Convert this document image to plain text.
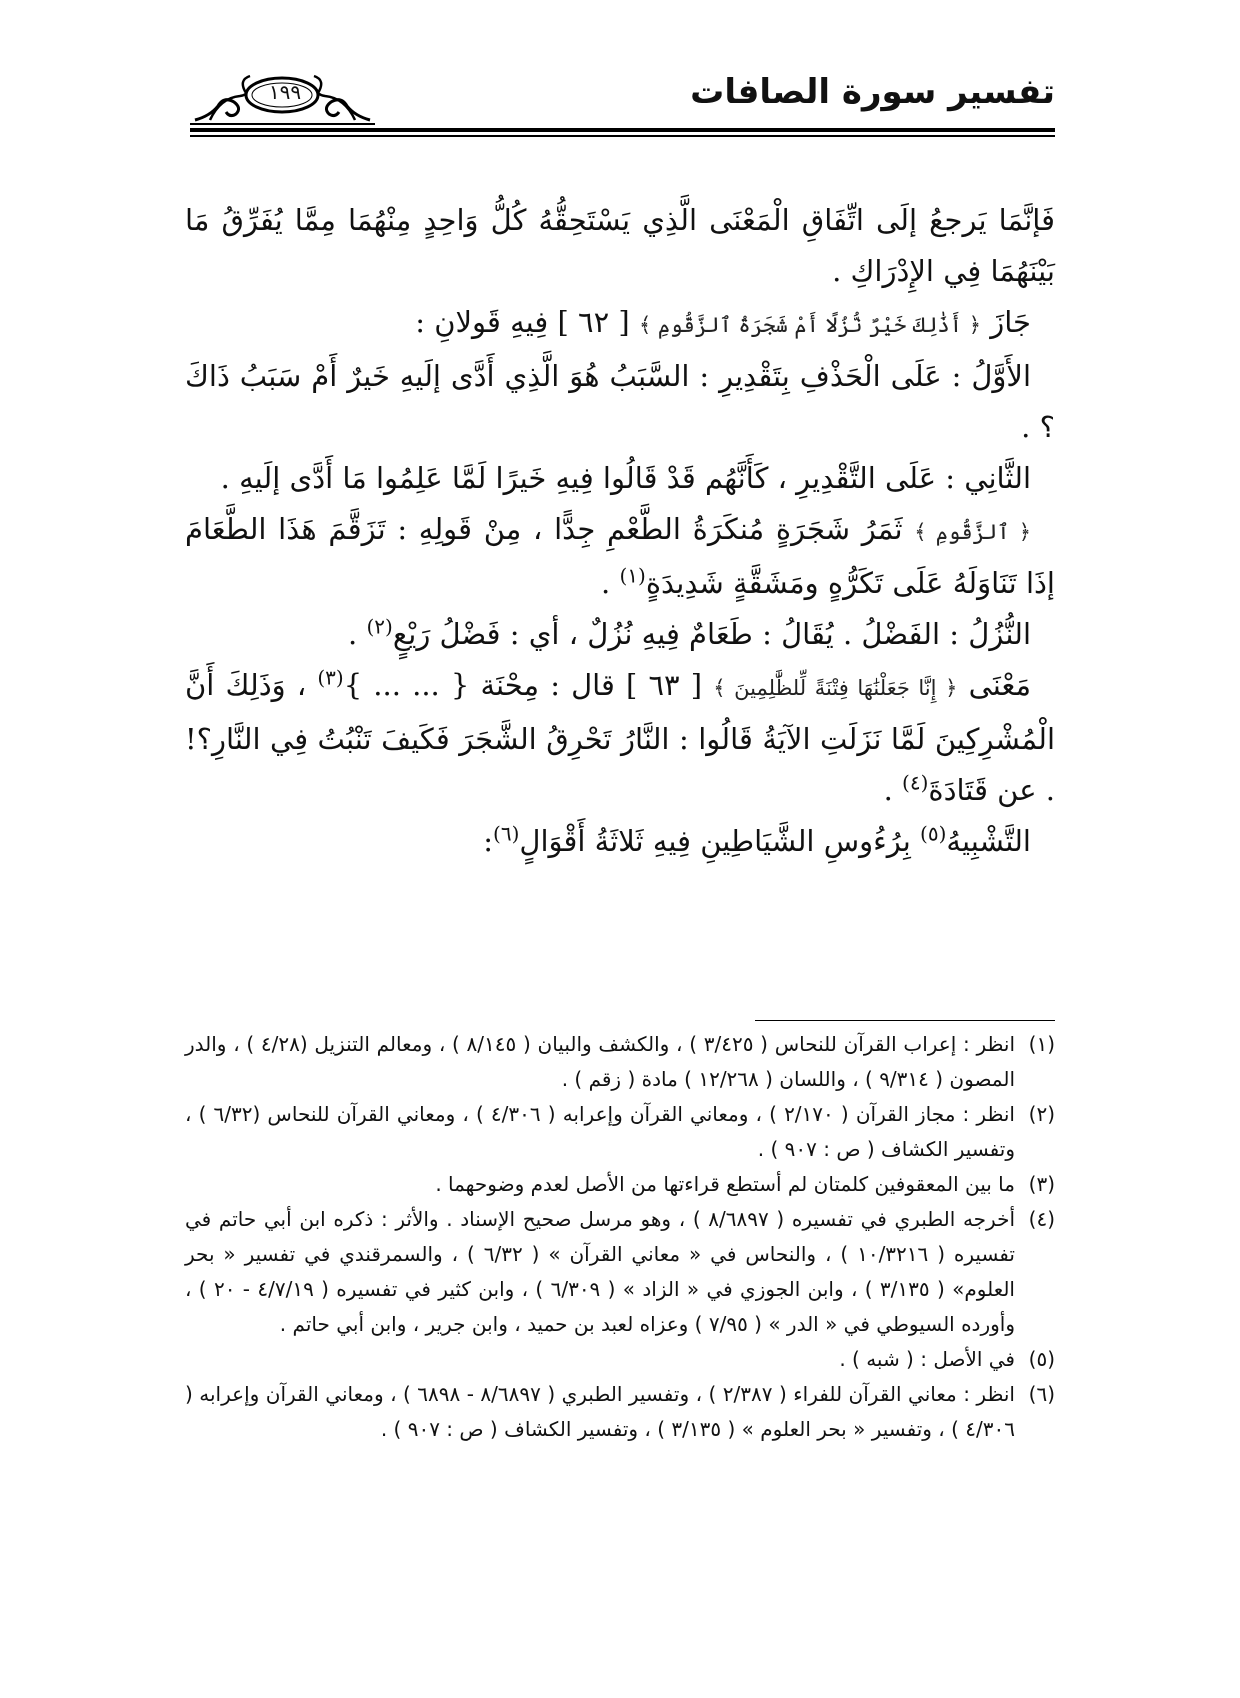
تفسير سورة الصافات
١٩٩

فَإنَّمَا يَرجعُ إلَى اتِّفَاقِ الْمَعْنَى الَّذِي يَسْتَحِقُّهُ كُلُّ وَاحِدٍ مِنْهُمَا مِمَّا يُفَرِّقُ مَا بَيْنَهُمَا فِي الإِدْرَاكِ .

جَازَ ﴿ أَذَٰلِكَ خَيْرٌ نُّزُلًا أَمْ شَجَرَةُ ٱلزَّقُّومِ ﴾ [ ٦٢ ] فِيهِ قَولانِ :

الأَوَّلُ : عَلَى الْحَذْفِ بِتَقْدِيرِ : السَّبَبُ هُوَ الَّذِي أَدَّى إلَيهِ خَيرٌ أَمْ سَبَبُ ذَاكَ ؟ .

الثَّانِي : عَلَى التَّقْدِيرِ ، كَأَنَّهُم قَدْ قَالُوا فِيهِ خَيرًا لَمَّا عَلِمُوا مَا أَدَّى إلَيهِ .

﴿ ٱلزَّقُّومِ ﴾ ثَمَرُ شَجَرَةٍ مُنكَرَةُ الطَّعْمِ جِدًّا ، مِنْ قَولِهِ : تَزَقَّمَ هَذَا الطَّعَامَ إذَا تَنَاوَلَهُ عَلَى تَكَرُّهٍ ومَشَقَّةٍ شَدِيدَةٍ$^{(١)}$ .

النُّزُلُ : الفَضْلُ . يُقَالُ : طَعَامٌ فِيهِ نُزُلٌ ، أي : فَضْلُ رَيْعٍ$^{(٢)}$ .

مَعْنَى ﴿ إِنَّا جَعَلْنَٰهَا فِتْنَةً لِّلظَّٰلِمِينَ ﴾ [ ٦٣ ] قال : مِحْنَة { ... ... }$^{(٣)}$ ، وَذَلِكَ أَنَّ الْمُشْرِكِينَ لَمَّا نَزَلَتِ الآيَةُ قَالُوا : النَّارُ تَحْرِقُ الشَّجَرَ فَكَيفَ تَنْبُتُ فِي النَّارِ؟! . عن قَتَادَةَ$^{(٤)}$ .

التَّشْبِيهُ$^{(٥)}$ بِرُءُوسِ الشَّيَاطِينِ فِيهِ ثَلاثَةُ أَقْوَالٍ$^{(٦)}$:

(١)
انظر : إعراب القرآن للنحاس ( ٣/٤٢٥ ) ، والكشف والبيان ( ٨/١٤٥ ) ، ومعالم التنزيل (٤/٢٨ ) ، والدر المصون ( ٩/٣١٤ ) ، واللسان ( ١٢/٢٦٨ ) مادة ( زقم ) .
(٢)
انظر : مجاز القرآن ( ٢/١٧٠ ) ، ومعاني القرآن وإعرابه ( ٤/٣٠٦ ) ، ومعاني القرآن للنحاس (٦/٣٢ ) ، وتفسير الكشاف ( ص : ٩٠٧ ) .
(٣)
ما بين المعقوفين كلمتان لم أستطع قراءتها من الأصل لعدم وضوحهما .
(٤)
أخرجه الطبري في تفسيره ( ٨/٦٨٩٧ ) ، وهو مرسل صحيح الإسناد . والأثر : ذكره ابن أبي حاتم في تفسيره ( ١٠/٣٢١٦ ) ، والنحاس في « معاني القرآن » ( ٦/٣٢ ) ، والسمرقندي في تفسير « بحر العلوم» ( ٣/١٣٥ ) ، وابن الجوزي في « الزاد » ( ٦/٣٠٩ ) ، وابن كثير في تفسيره ( ٤/٧/١٩ - ٢٠ ) ، وأورده السيوطي في « الدر » ( ٧/٩٥ ) وعزاه لعبد بن حميد ، وابن جرير ، وابن أبي حاتم .
(٥)
في الأصل : ( شبه ) .
(٦)
انظر : معاني القرآن للفراء ( ٢/٣٨٧ ) ، وتفسير الطبري ( ٨/٦٨٩٧ - ٦٨٩٨ ) ، ومعاني القرآن وإعرابه ( ٤/٣٠٦ ) ، وتفسير « بحر العلوم » ( ٣/١٣٥ ) ، وتفسير الكشاف ( ص : ٩٠٧ ) .
